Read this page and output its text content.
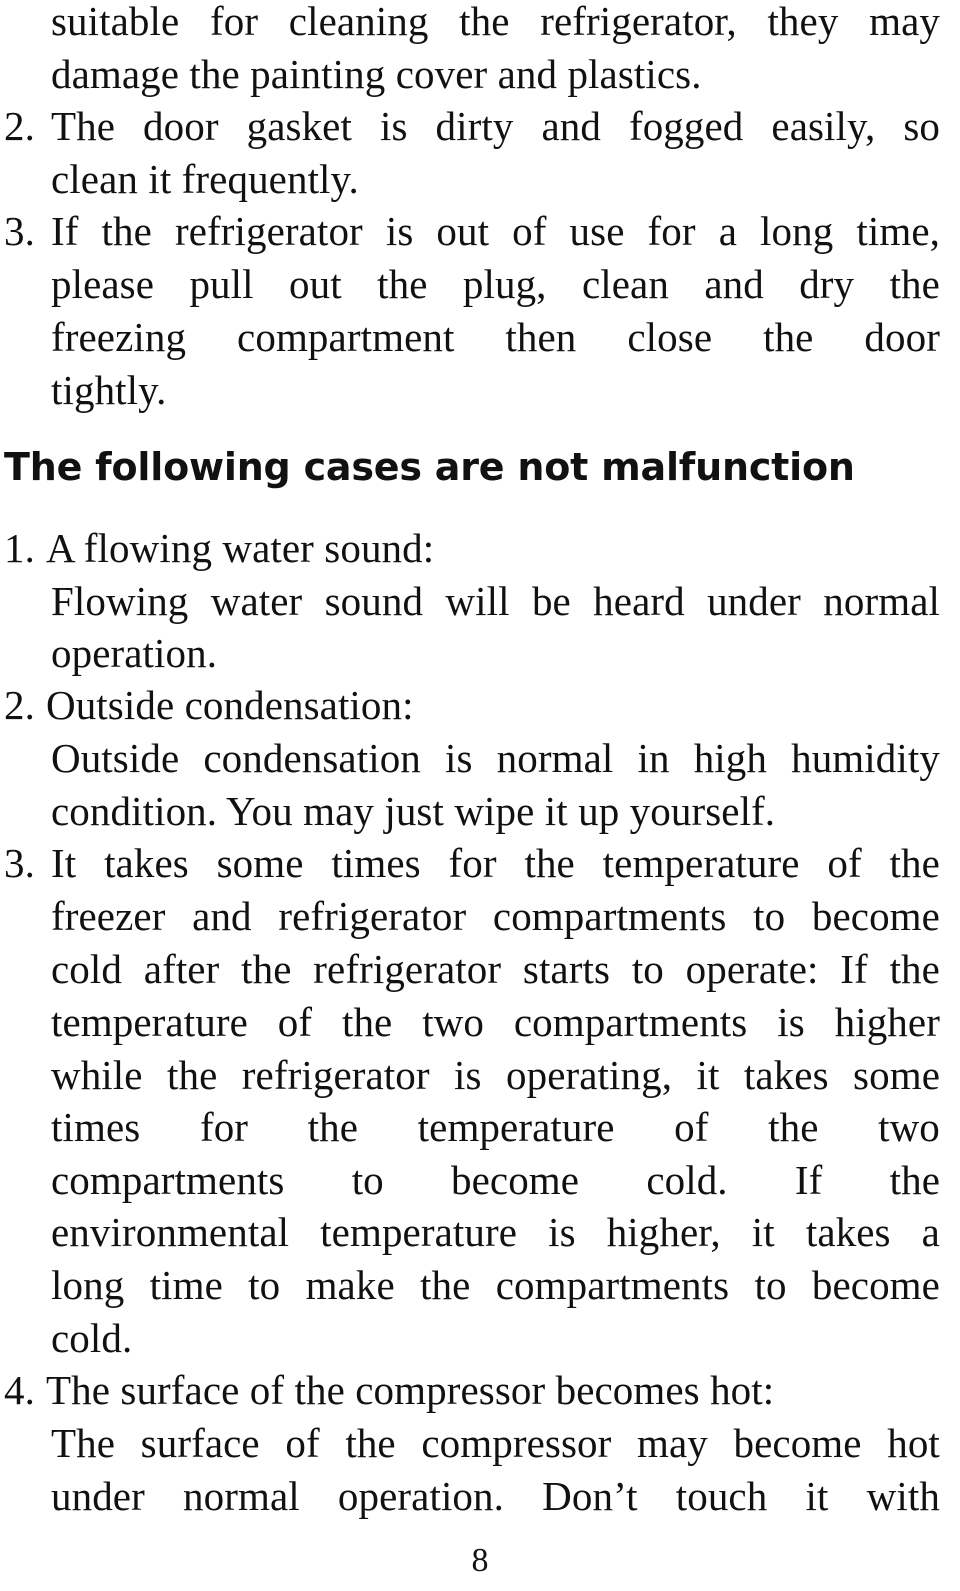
suitable for cleaning the refrigerator, they may
damage the painting cover and plastics.
2. The door gasket is dirty and fogged easily, so
clean it frequently.
3. If the refrigerator is out of use for a long time,
please pull out the plug, clean and dry the
freezing compartment then close the door
tightly.
The following cases are not malfunction
1. A flowing water sound:
Flowing water sound will be heard under normal
operation.
2. Outside condensation:
Outside condensation is normal in high humidity
condition. You may just wipe it up yourself.
3. It takes some times for the temperature of the
freezer and refrigerator compartments to become
cold after the refrigerator starts to operate: If the
temperature of the two compartments is higher
while the refrigerator is operating, it takes some
times for the temperature of the two
compartments to become cold. If the
environmental temperature is higher, it takes a
long time to make the compartments to become
cold.
4. The surface of the compressor becomes hot:
The surface of the compressor may become hot
under normal operation. Don’t touch it with
8
